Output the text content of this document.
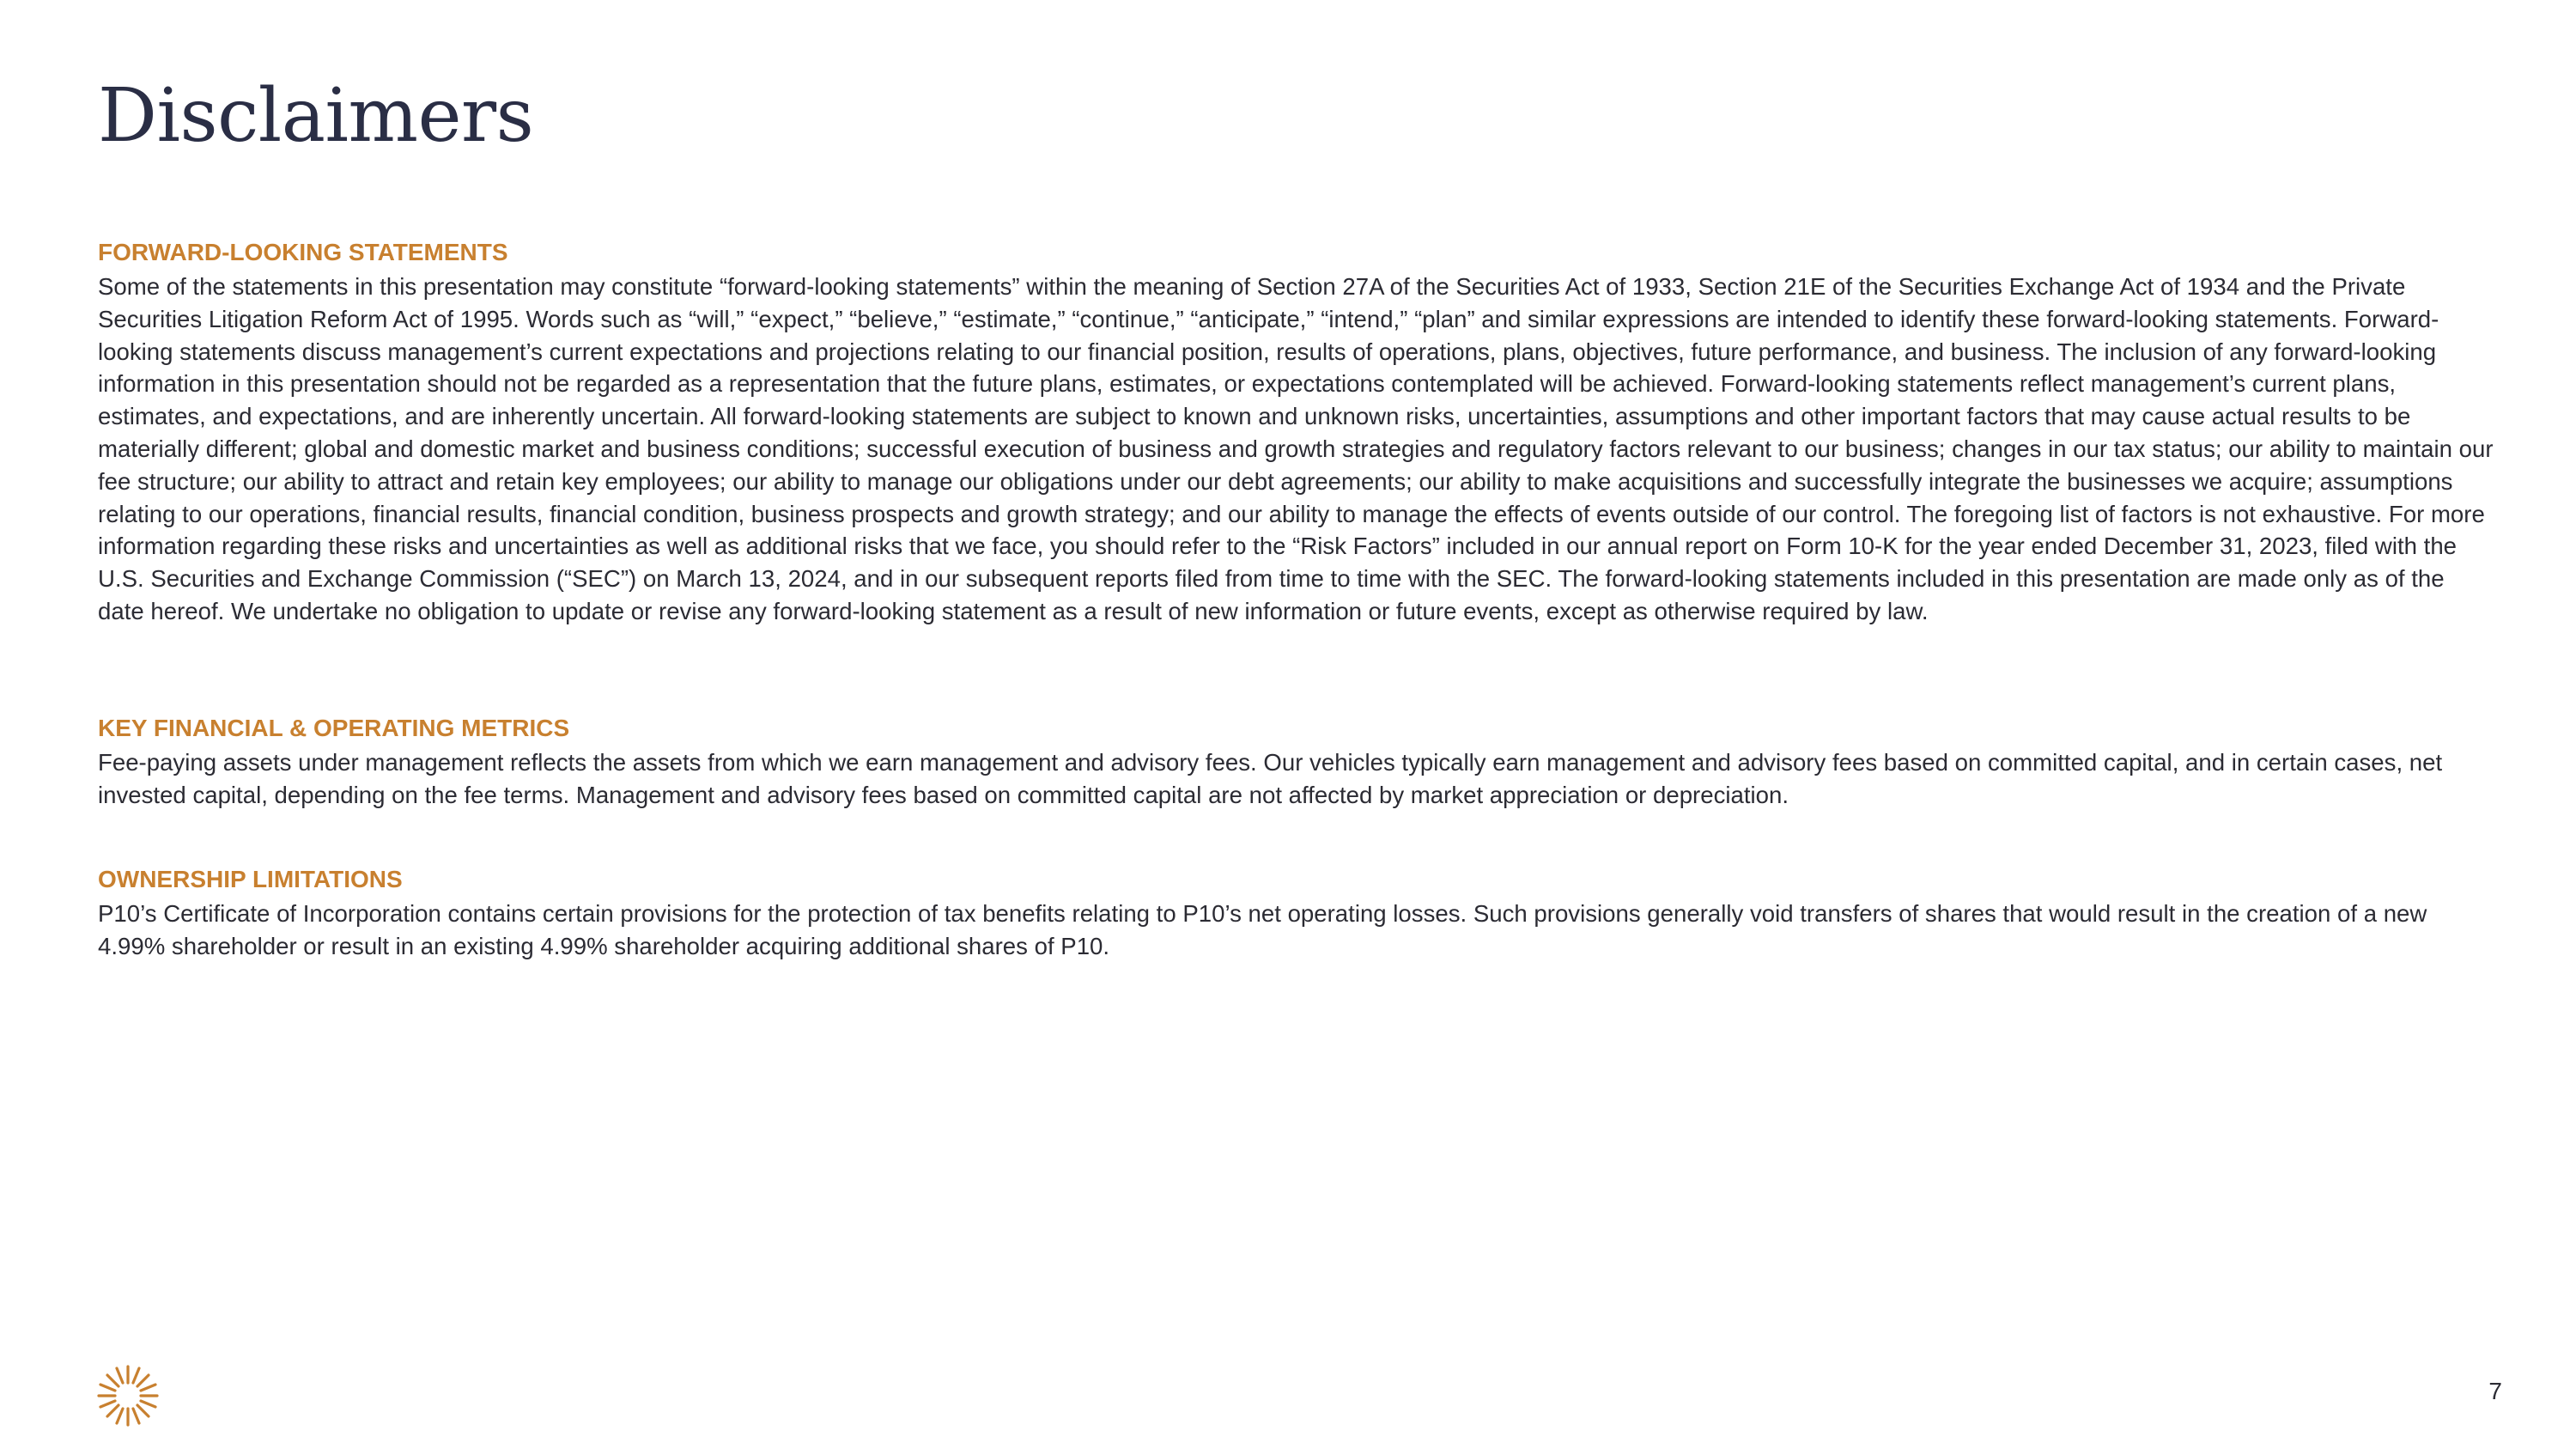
Disclaimers
FORWARD-LOOKING STATEMENTS

Some of the statements in this presentation may constitute “forward-looking statements” within the meaning of Section 27A of the Securities Act of 1933, Section 21E of the Securities Exchange Act of 1934 and the Private Securities Litigation Reform Act of 1995. Words such as “will,” “expect,” “believe,” “estimate,” “continue,” “anticipate,” “intend,” “plan” and similar expressions are intended to identify these forward-looking statements. Forward-looking statements discuss management’s current expectations and projections relating to our financial position, results of operations, plans, objectives, future performance, and business. The inclusion of any forward-looking information in this presentation should not be regarded as a representation that the future plans, estimates, or expectations contemplated will be achieved. Forward-looking statements reflect management’s current plans, estimates, and expectations, and are inherently uncertain. All forward-looking statements are subject to known and unknown risks, uncertainties, assumptions and other important factors that may cause actual results to be materially different; global and domestic market and business conditions; successful execution of business and growth strategies and regulatory factors relevant to our business; changes in our tax status; our ability to maintain our fee structure; our ability to attract and retain key employees; our ability to manage our obligations under our debt agreements; our ability to make acquisitions and successfully integrate the businesses we acquire; assumptions relating to our operations, financial results, financial condition, business prospects and growth strategy; and our ability to manage the effects of events outside of our control. The foregoing list of factors is not exhaustive. For more information regarding these risks and uncertainties as well as additional risks that we face, you should refer to the “Risk Factors” included in our annual report on Form 10-K for the year ended December 31, 2023, filed with the U.S. Securities and Exchange Commission (“SEC”) on March 13, 2024, and in our subsequent reports filed from time to time with the SEC. The forward-looking statements included in this presentation are made only as of the date hereof. We undertake no obligation to update or revise any forward-looking statement as a result of new information or future events, except as otherwise required by law.

KEY FINANCIAL & OPERATING METRICS

Fee-paying assets under management reflects the assets from which we earn management and advisory fees. Our vehicles typically earn management and advisory fees based on committed capital, and in certain cases, net invested capital, depending on the fee terms. Management and advisory fees based on committed capital are not affected by market appreciation or depreciation.

OWNERSHIP LIMITATIONS

P10’s Certificate of Incorporation contains certain provisions for the protection of tax benefits relating to P10’s net operating losses. Such provisions generally void transfers of shares that would result in the creation of a new 4.99% shareholder or result in an existing 4.99% shareholder acquiring additional shares of P10.

7
